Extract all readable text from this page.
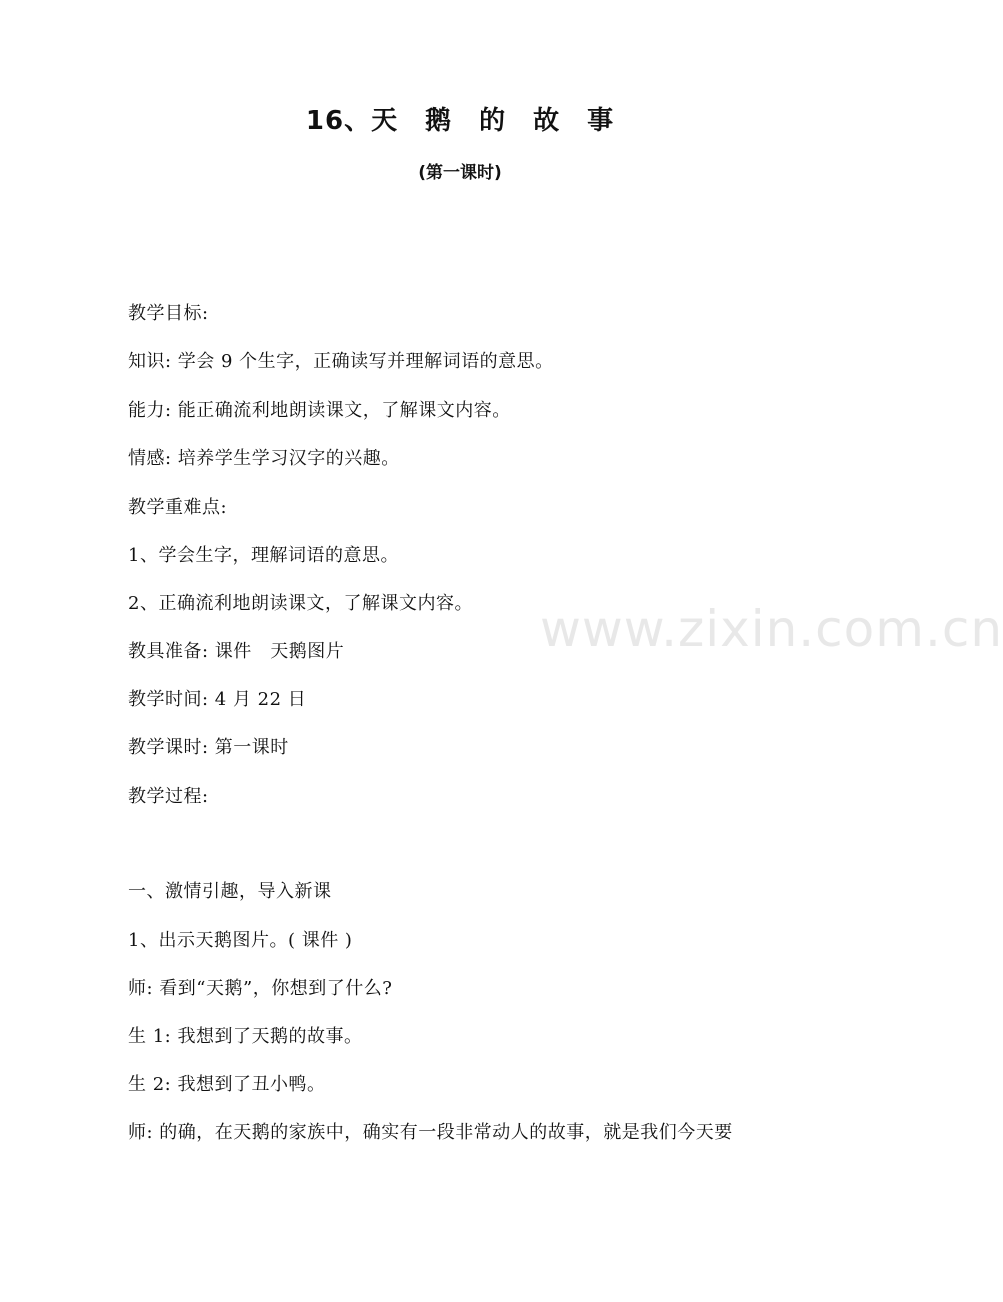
16、天　鹅　的　故　事
(第一课时)

教学目标:

知识: 学会 9 个生字，正确读写并理解词语的意思。

能力: 能正确流利地朗读课文，了解课文内容。

情感: 培养学生学习汉字的兴趣。

教学重难点:

1、学会生字，理解词语的意思。

2、正确流利地朗读课文，了解课文内容。

教具准备: 课件　天鹅图片

教学时间: 4 月 22 日

教学课时: 第一课时

教学过程:

一、激情引趣，导入新课

1、出示天鹅图片。( 课件 )

师: 看到“天鹅”，你想到了什么?

生 1: 我想到了天鹅的故事。

生 2: 我想到了丑小鸭。

师: 的确，在天鹅的家族中，确实有一段非常动人的故事，就是我们今天要

www.zixin.com.cn
